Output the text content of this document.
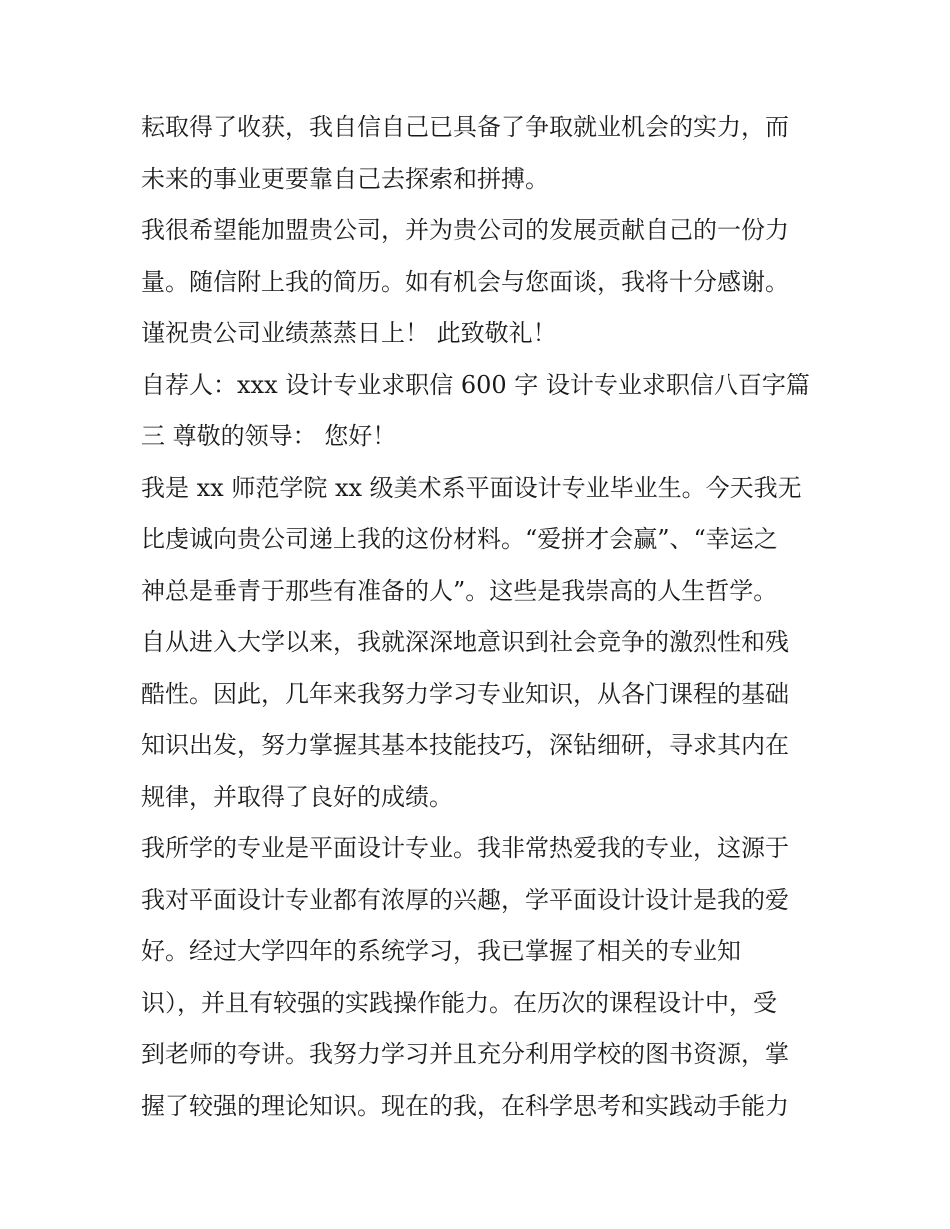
耘取得了收获，我自信自己已具备了争取就业机会的实力，而
未来的事业更要靠自己去探索和拼搏。
我很希望能加盟贵公司，并为贵公司的发展贡献自己的一份力
量。随信附上我的简历。如有机会与您面谈，我将十分感谢。
谨祝贵公司业绩蒸蒸日上！ 此致敬礼！
自荐人：xxx 设计专业求职信 600 字 设计专业求职信八百字篇
三 尊敬的领导： 您好！
我是 xx 师范学院 xx 级美术系平面设计专业毕业生。今天我无
比虔诚向贵公司递上我的这份材料。“爱拼才会赢”、“幸运之
神总是垂青于那些有准备的人”。这些是我崇高的人生哲学。
自从进入大学以来，我就深深地意识到社会竞争的激烈性和残
酷性。因此，几年来我努力学习专业知识，从各门课程的基础
知识出发，努力掌握其基本技能技巧，深钻细研，寻求其内在
规律，并取得了良好的成绩。
我所学的专业是平面设计专业。我非常热爱我的专业，这源于
我对平面设计专业都有浓厚的兴趣，学平面设计设计是我的爱
好。经过大学四年的系统学习，我已掌握了相关的专业知
识），并且有较强的实践操作能力。在历次的课程设计中，受
到老师的夸讲。我努力学习并且充分利用学校的图书资源，掌
握了较强的理论知识。现在的我，在科学思考和实践动手能力
